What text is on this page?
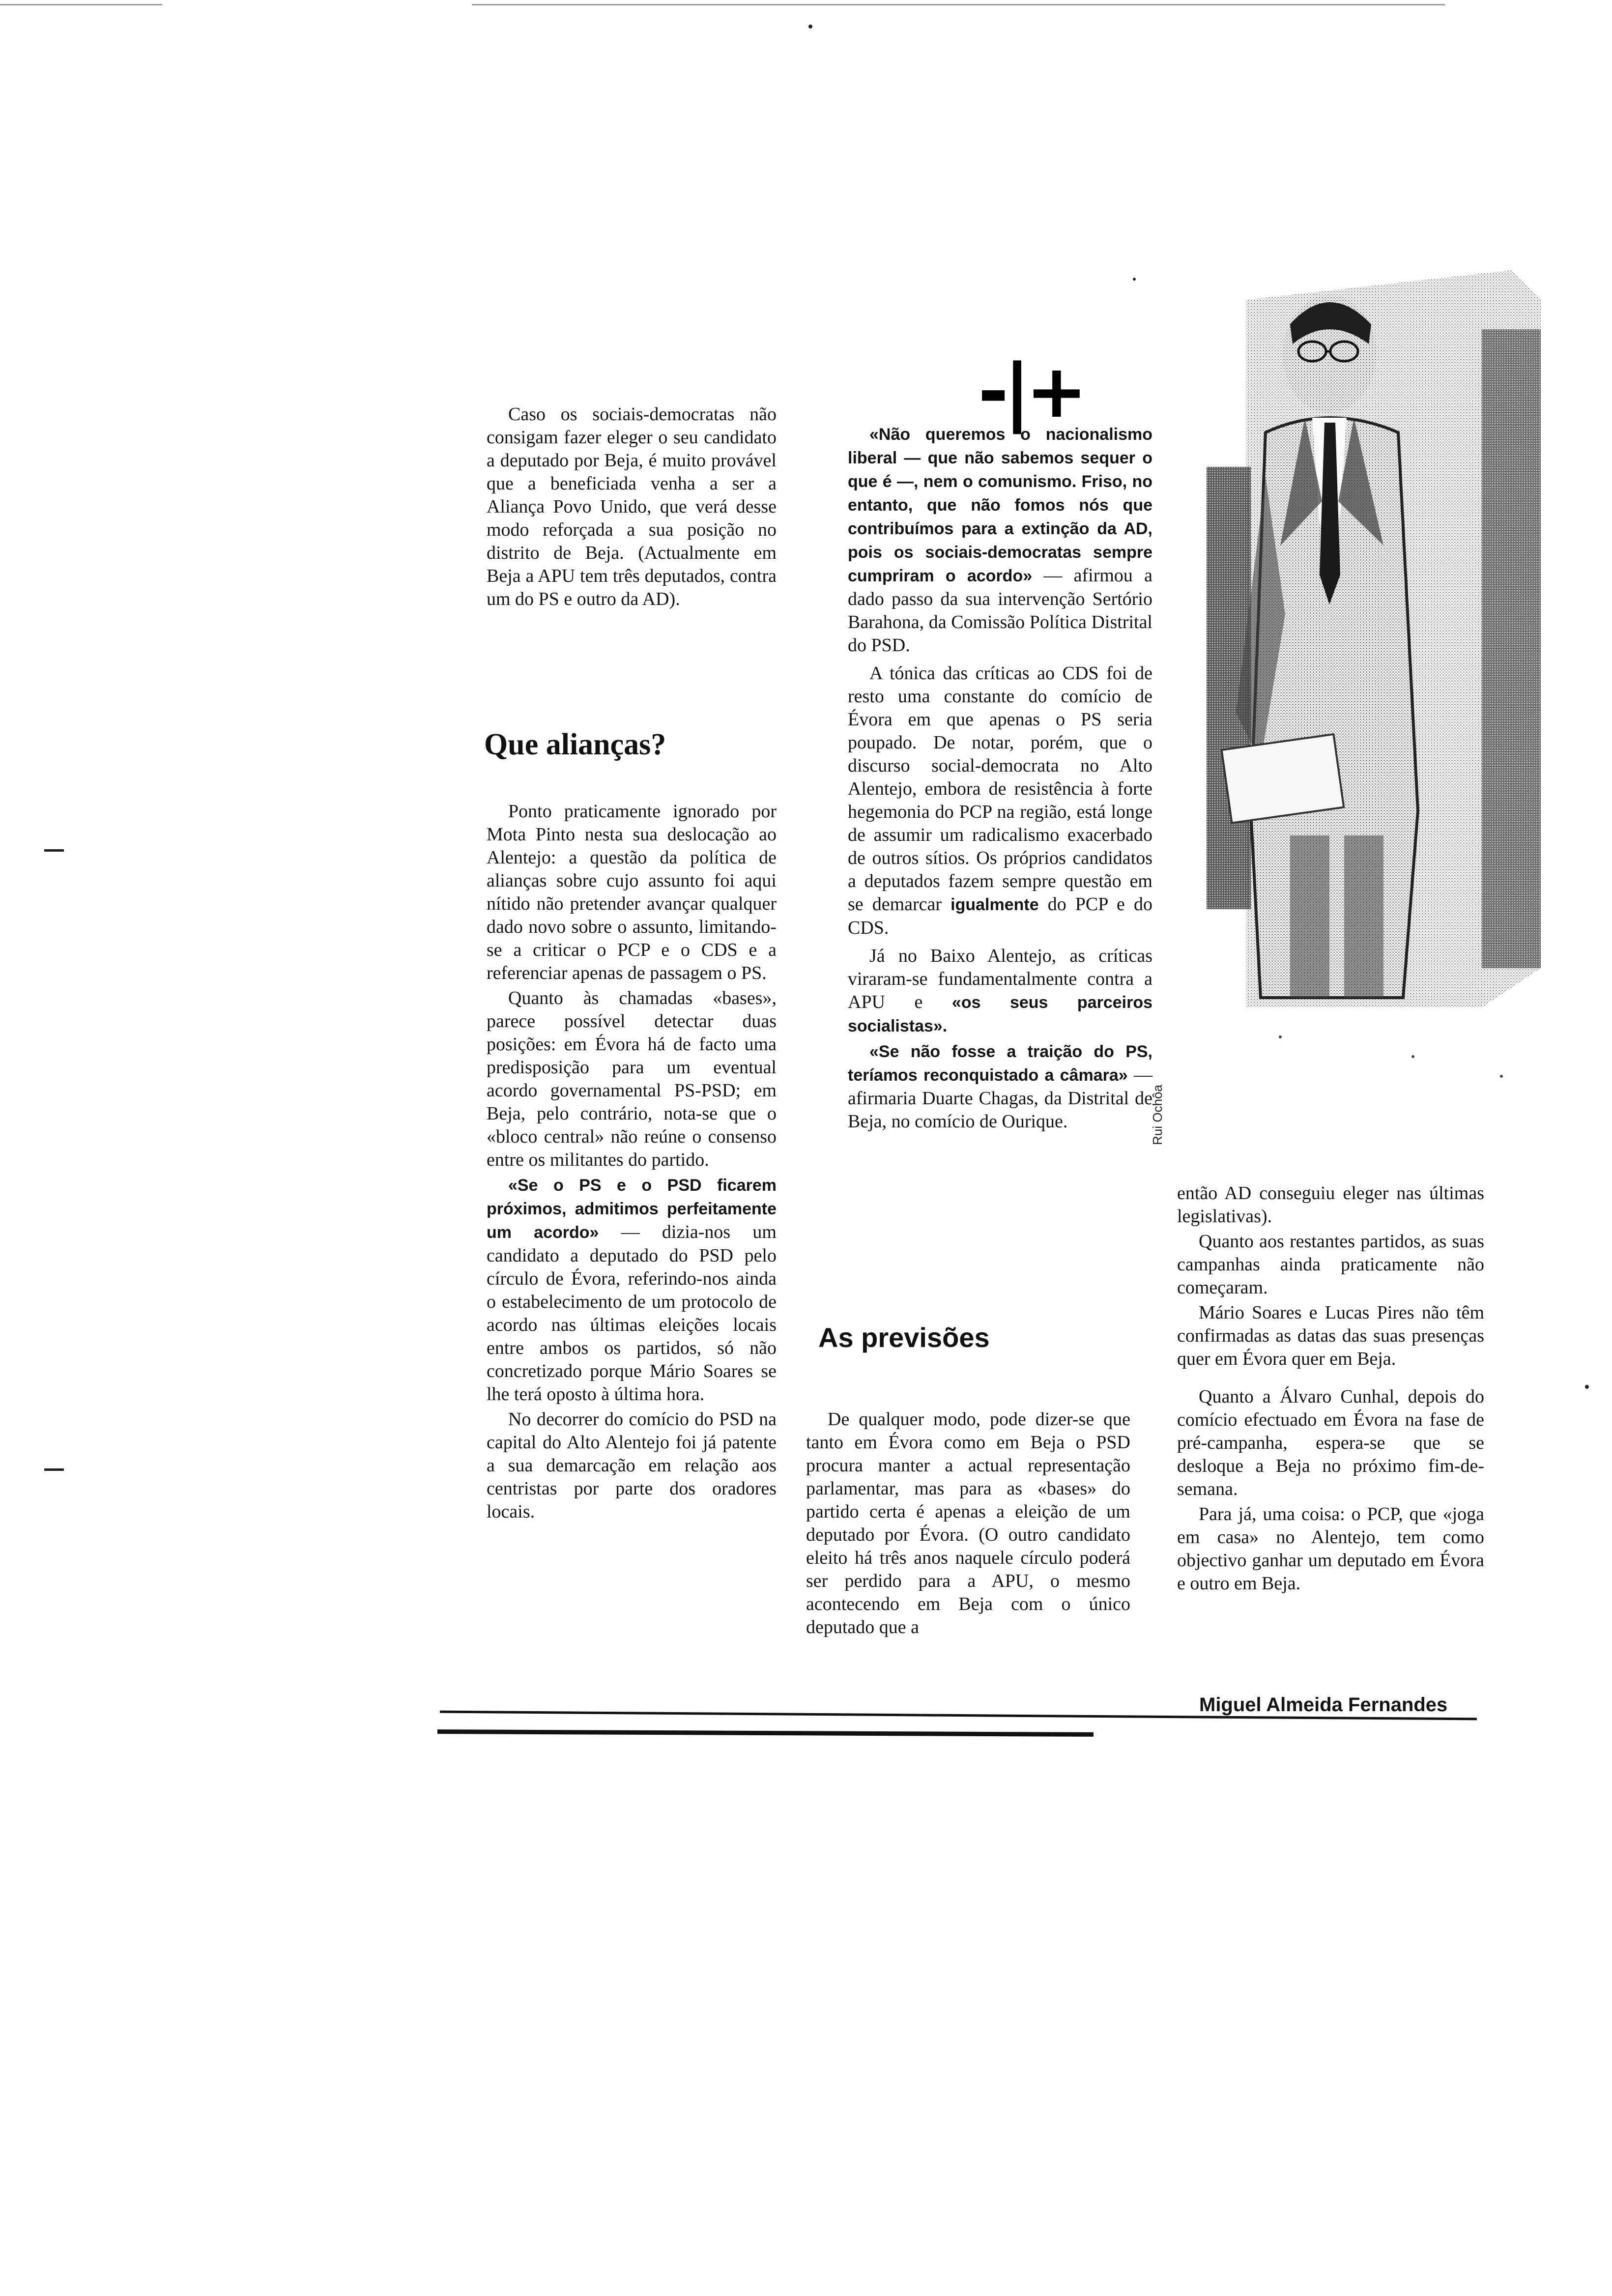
-|+

Caso os sociais-democratas não consigam fazer eleger o seu candidato a deputado por Beja, é muito provável que a beneficiada venha a ser a Aliança Povo Unido, que verá desse modo reforçada a sua posição no distrito de Beja. (Actualmente em Beja a APU tem três deputados, contra um do PS e outro da AD).

Que alianças?

Ponto praticamente ignorado por Mota Pinto nesta sua deslocação ao Alentejo: a questão da política de alianças sobre cujo assunto foi aqui nítido não pretender avançar qualquer dado novo sobre o assunto, limitando-se a criticar o PCP e o CDS e a referenciar apenas de passagem o PS.

Quanto às chamadas «bases», parece possível detectar duas posições: em Évora há de facto uma predisposição para um eventual acordo governamental PS-PSD; em Beja, pelo contrário, nota-se que o «bloco central» não reúne o consenso entre os militantes do partido.

«Se o PS e o PSD ficarem próximos, admitimos perfeitamente um acordo» — dizia-nos um candidato a deputado do PSD pelo círculo de Évora, referindo-nos ainda o estabelecimento de um protocolo de acordo nas últimas eleições locais entre ambos os partidos, só não concretizado porque Mário Soares se lhe terá oposto à última hora.

No decorrer do comício do PSD na capital do Alto Alentejo foi já patente a sua demarcação em relação aos centristas por parte dos oradores locais.

«Não queremos o nacionalismo liberal — que não sabemos sequer o que é —, nem o comunismo. Friso, no entanto, que não fomos nós que contribuímos para a extinção da AD, pois os sociais-democratas sempre cumpriram o acordo» — afirmou a dado passo da sua intervenção Sertório Barahona, da Comissão Política Distrital do PSD.

A tónica das críticas ao CDS foi de resto uma constante do comício de Évora em que apenas o PS seria poupado. De notar, porém, que o discurso social-democrata no Alto Alentejo, embora de resistência à forte hegemonia do PCP na região, está longe de assumir um radicalismo exacerbado de outros sítios. Os próprios candidatos a deputados fazem sempre questão em se demarcar igualmente do PCP e do CDS.

Já no Baixo Alentejo, as críticas viraram-se fundamentalmente contra a APU e «os seus parceiros socialistas».

«Se não fosse a traição do PS, teríamos reconquistado a câmara» — afirmaria Duarte Chagas, da Distrital de Beja, no comício de Ourique.

As previsões

De qualquer modo, pode dizer-se que tanto em Évora como em Beja o PSD procura manter a actual representação parlamentar, mas para as «bases» do partido certa é apenas a eleição de um deputado por Évora. (O outro candidato eleito há três anos naquele círculo poderá ser perdido para a APU, o mesmo acontecendo em Beja com o único deputado que a

Rui Ochôa

então AD conseguiu eleger nas últimas legislativas).

Quanto aos restantes partidos, as suas campanhas ainda praticamente não começaram.

Mário Soares e Lucas Pires não têm confirmadas as datas das suas presenças quer em Évora quer em Beja.

Quanto a Álvaro Cunhal, depois do comício efectuado em Évora na fase de pré-campanha, espera-se que se desloque a Beja no próximo fim-de-semana.

Para já, uma coisa: o PCP, que «joga em casa» no Alentejo, tem como objectivo ganhar um deputado em Évora e outro em Beja.

Miguel Almeida Fernandes
